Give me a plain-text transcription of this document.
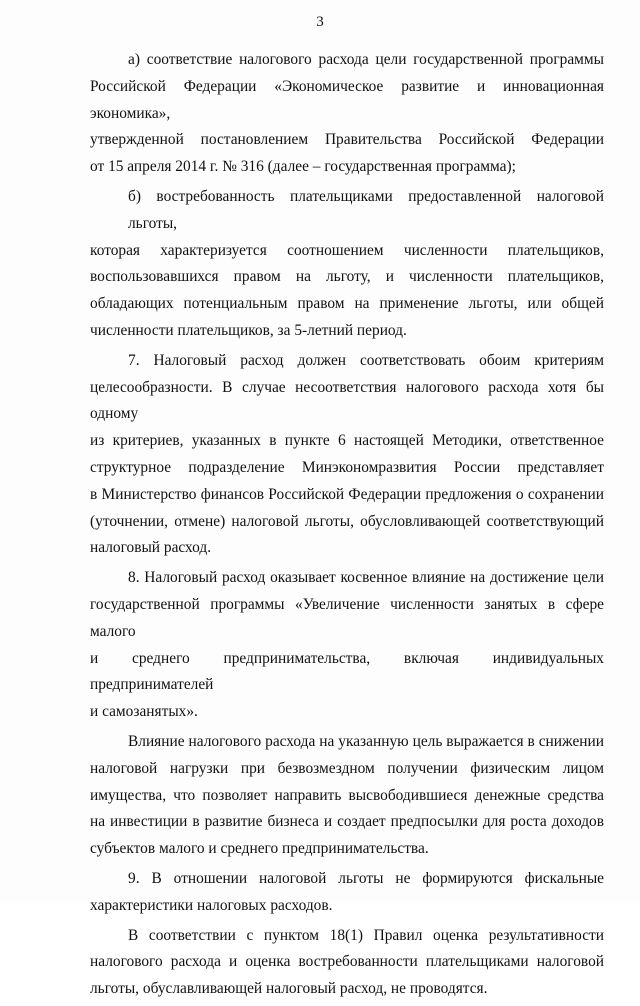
3
а) соответствие налогового расхода цели государственной программы
Российской Федерации «Экономическое развитие и инновационная экономика»,
утвержденной постановлением Правительства Российской Федерации
от 15 апреля 2014 г. № 316 (далее – государственная программа);
б) востребованность плательщиками предоставленной налоговой льготы,
которая характеризуется соотношением численности плательщиков,
воспользовавшихся правом на льготу, и численности плательщиков,
обладающих потенциальным правом на применение льготы, или общей
численности плательщиков, за 5-летний период.
7. Налоговый расход должен соответствовать обоим критериям
целесообразности. В случае несоответствия налогового расхода хотя бы одному
из критериев, указанных в пункте 6 настоящей Методики, ответственное
структурное подразделение Минэкономразвития России представляет
в Министерство финансов Российской Федерации предложения о сохранении
(уточнении, отмене) налоговой льготы, обусловливающей соответствующий
налоговый расход.
8. Налоговый расход оказывает косвенное влияние на достижение цели
государственной программы «Увеличение численности занятых в сфере малого
и среднего предпринимательства, включая индивидуальных предпринимателей
и самозанятых».
Влияние налогового расхода на указанную цель выражается в снижении
налоговой нагрузки при безвозмездном получении физическим лицом
имущества, что позволяет направить высвободившиеся денежные средства
на инвестиции в развитие бизнеса и создает предпосылки для роста доходов
субъектов малого и среднего предпринимательства.
9. В отношении налоговой льготы не формируются фискальные
характеристики налоговых расходов.
В соответствии с пунктом 18(1) Правил оценка результативности
налогового расхода и оценка востребованности плательщиками налоговой
льготы, обуславливающей налоговый расход, не проводятся.
